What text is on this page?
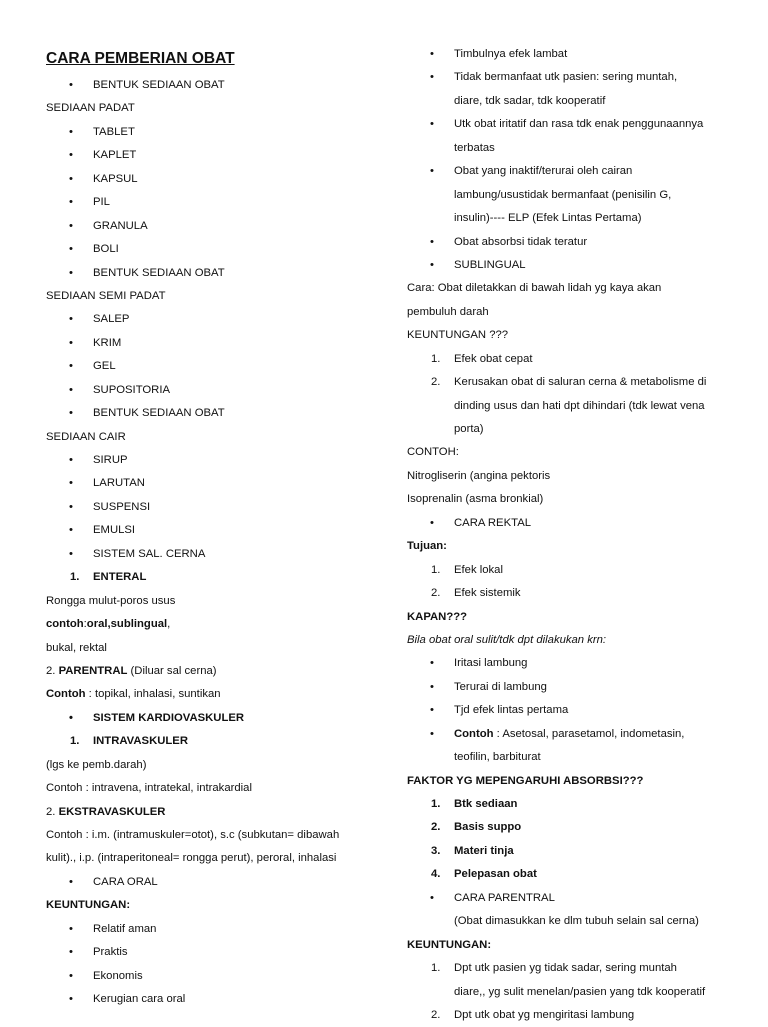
CARA PEMBERIAN OBAT
• BENTUK SEDIAAN OBAT
SEDIAAN PADAT
• TABLET
• KAPLET
• KAPSUL
• PIL
• GRANULA
• BOLI
• BENTUK SEDIAAN OBAT
SEDIAAN SEMI PADAT
• SALEP
• KRIM
• GEL
• SUPOSITORIA
• BENTUK SEDIAAN OBAT
SEDIAAN CAIR
• SIRUP
• LARUTAN
• SUSPENSI
• EMULSI
• SISTEM SAL. CERNA
1. ENTERAL
Rongga mulut-poros usus
contoh:oral,sublingual,
bukal, rektal
2. PARENTRAL (Diluar sal cerna)
Contoh : topikal, inhalasi, suntikan
• SISTEM KARDIOVASKULER
1. INTRAVASKULER
(lgs ke pemb.darah)
Contoh : intravena, intratekal, intrakardial
2. EKSTRAVASKULER
Contoh : i.m. (intramuskuler=otot), s.c (subkutan= dibawah
kulit)., i.p. (intraperitoneal= rongga perut), peroral, inhalasi
• CARA ORAL
KEUNTUNGAN:
• Relatif aman
• Praktis
• Ekonomis
• Kerugian cara oral
• Timbulnya efek lambat
• Tidak bermanfaat utk pasien: sering muntah,
diare, tdk sadar, tdk kooperatif
• Utk obat iritatif dan rasa tdk enak penggunaannya
terbatas
• Obat yang inaktif/terurai oleh cairan
lambung/usustidak bermanfaat (penisilin G,
insulin)---- ELP (Efek Lintas Pertama)
• Obat absorbsi tidak teratur
• SUBLINGUAL
Cara: Obat diletakkan di bawah lidah yg kaya akan
pembuluh darah
KEUNTUNGAN ???
1. Efek obat cepat
2. Kerusakan obat di saluran cerna & metabolisme di
dinding usus dan hati dpt dihindari (tdk lewat vena
porta)
CONTOH:
Nitrogliserin (angina pektoris
Isoprenalin (asma bronkial)
• CARA REKTAL
Tujuan:
1. Efek lokal
2. Efek sistemik
KAPAN???
Bila obat oral sulit/tdk dpt dilakukan krn:
• Iritasi lambung
• Terurai di lambung
• Tjd efek lintas pertama
• Contoh : Asetosal, parasetamol, indometasin,
teofilin, barbiturat
FAKTOR YG MEPENGARUHI ABSORBSI???
1. Btk sediaan
2. Basis suppo
3. Materi tinja
4. Pelepasan obat
• CARA PARENTRAL
(Obat dimasukkan ke dlm tubuh selain sal cerna)
KEUNTUNGAN:
1. Dpt utk pasien yg tidak sadar, sering muntah
diare,, yg sulit menelan/pasien yang tdk kooperatif
2. Dpt utk obat yg mengiritasi lambung
